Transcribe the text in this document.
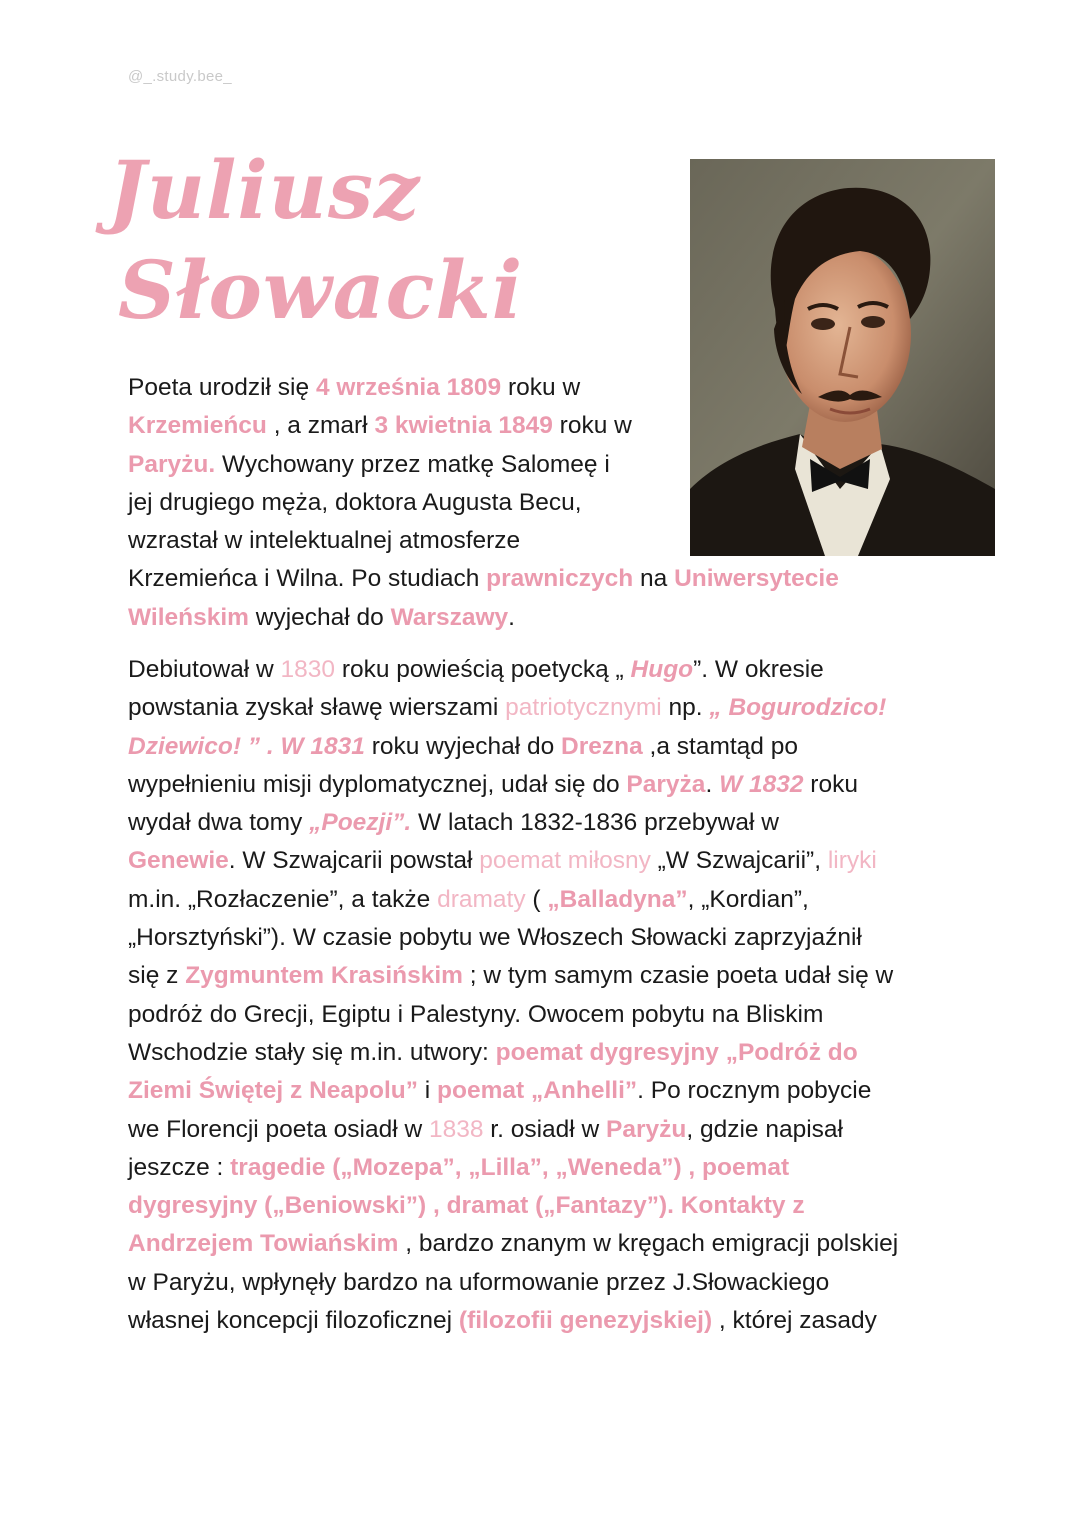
@_.study.bee_
Juliusz
Słowacki
Poeta urodził się 4 września 1809 roku w
Krzemieńcu , a zmarł 3 kwietnia 1849 roku w
Paryżu. Wychowany przez matkę Salomeę i
jej drugiego męża, doktora Augusta Becu,
wzrastał w intelektualnej atmosferze
Krzemieńca i Wilna. Po studiach prawniczych na Uniwersytecie
Wileńskim wyjechał do Warszawy.
Debiutował w 1830 roku powieścią poetycką „ Hugo”. W okresie
powstania zyskał sławę wierszami patriotycznymi np. „ Bogurodzico!
Dziewico! ” . W 1831 roku wyjechał do Drezna ,a stamtąd po
wypełnieniu misji dyplomatycznej, udał się do Paryża. W 1832 roku
wydał dwa tomy „Poezji”. W latach 1832-1836 przebywał w
Genewie. W Szwajcarii powstał poemat miłosny „W Szwajcarii”, liryki
m.in. „Rozłaczenie”, a także dramaty ( „Balladyna”, „Kordian”,
„Horsztyński”). W czasie pobytu we Włoszech Słowacki zaprzyjaźnił
się z Zygmuntem Krasińskim ; w tym samym czasie poeta udał się w
podróż do Grecji, Egiptu i Palestyny. Owocem pobytu na Bliskim
Wschodzie stały się m.in. utwory: poemat dygresyjny „Podróż do
Ziemi Świętej z Neapolu” i poemat „Anhelli”. Po rocznym pobycie
we Florencji poeta osiadł w 1838 r. osiadł w Paryżu, gdzie napisał
jeszcze : tragedie („Mozepa”, „Lilla”, „Weneda”) , poemat
dygresyjny („Beniowski”) , dramat („Fantazy”). Kontakty z
Andrzejem Towiańskim , bardzo znanym w kręgach emigracji polskiej
w Paryżu, wpłynęły bardzo na uformowanie przez J.Słowackiego
własnej koncepcji filozoficznej (filozofii genezyjskiej) , której zasady
